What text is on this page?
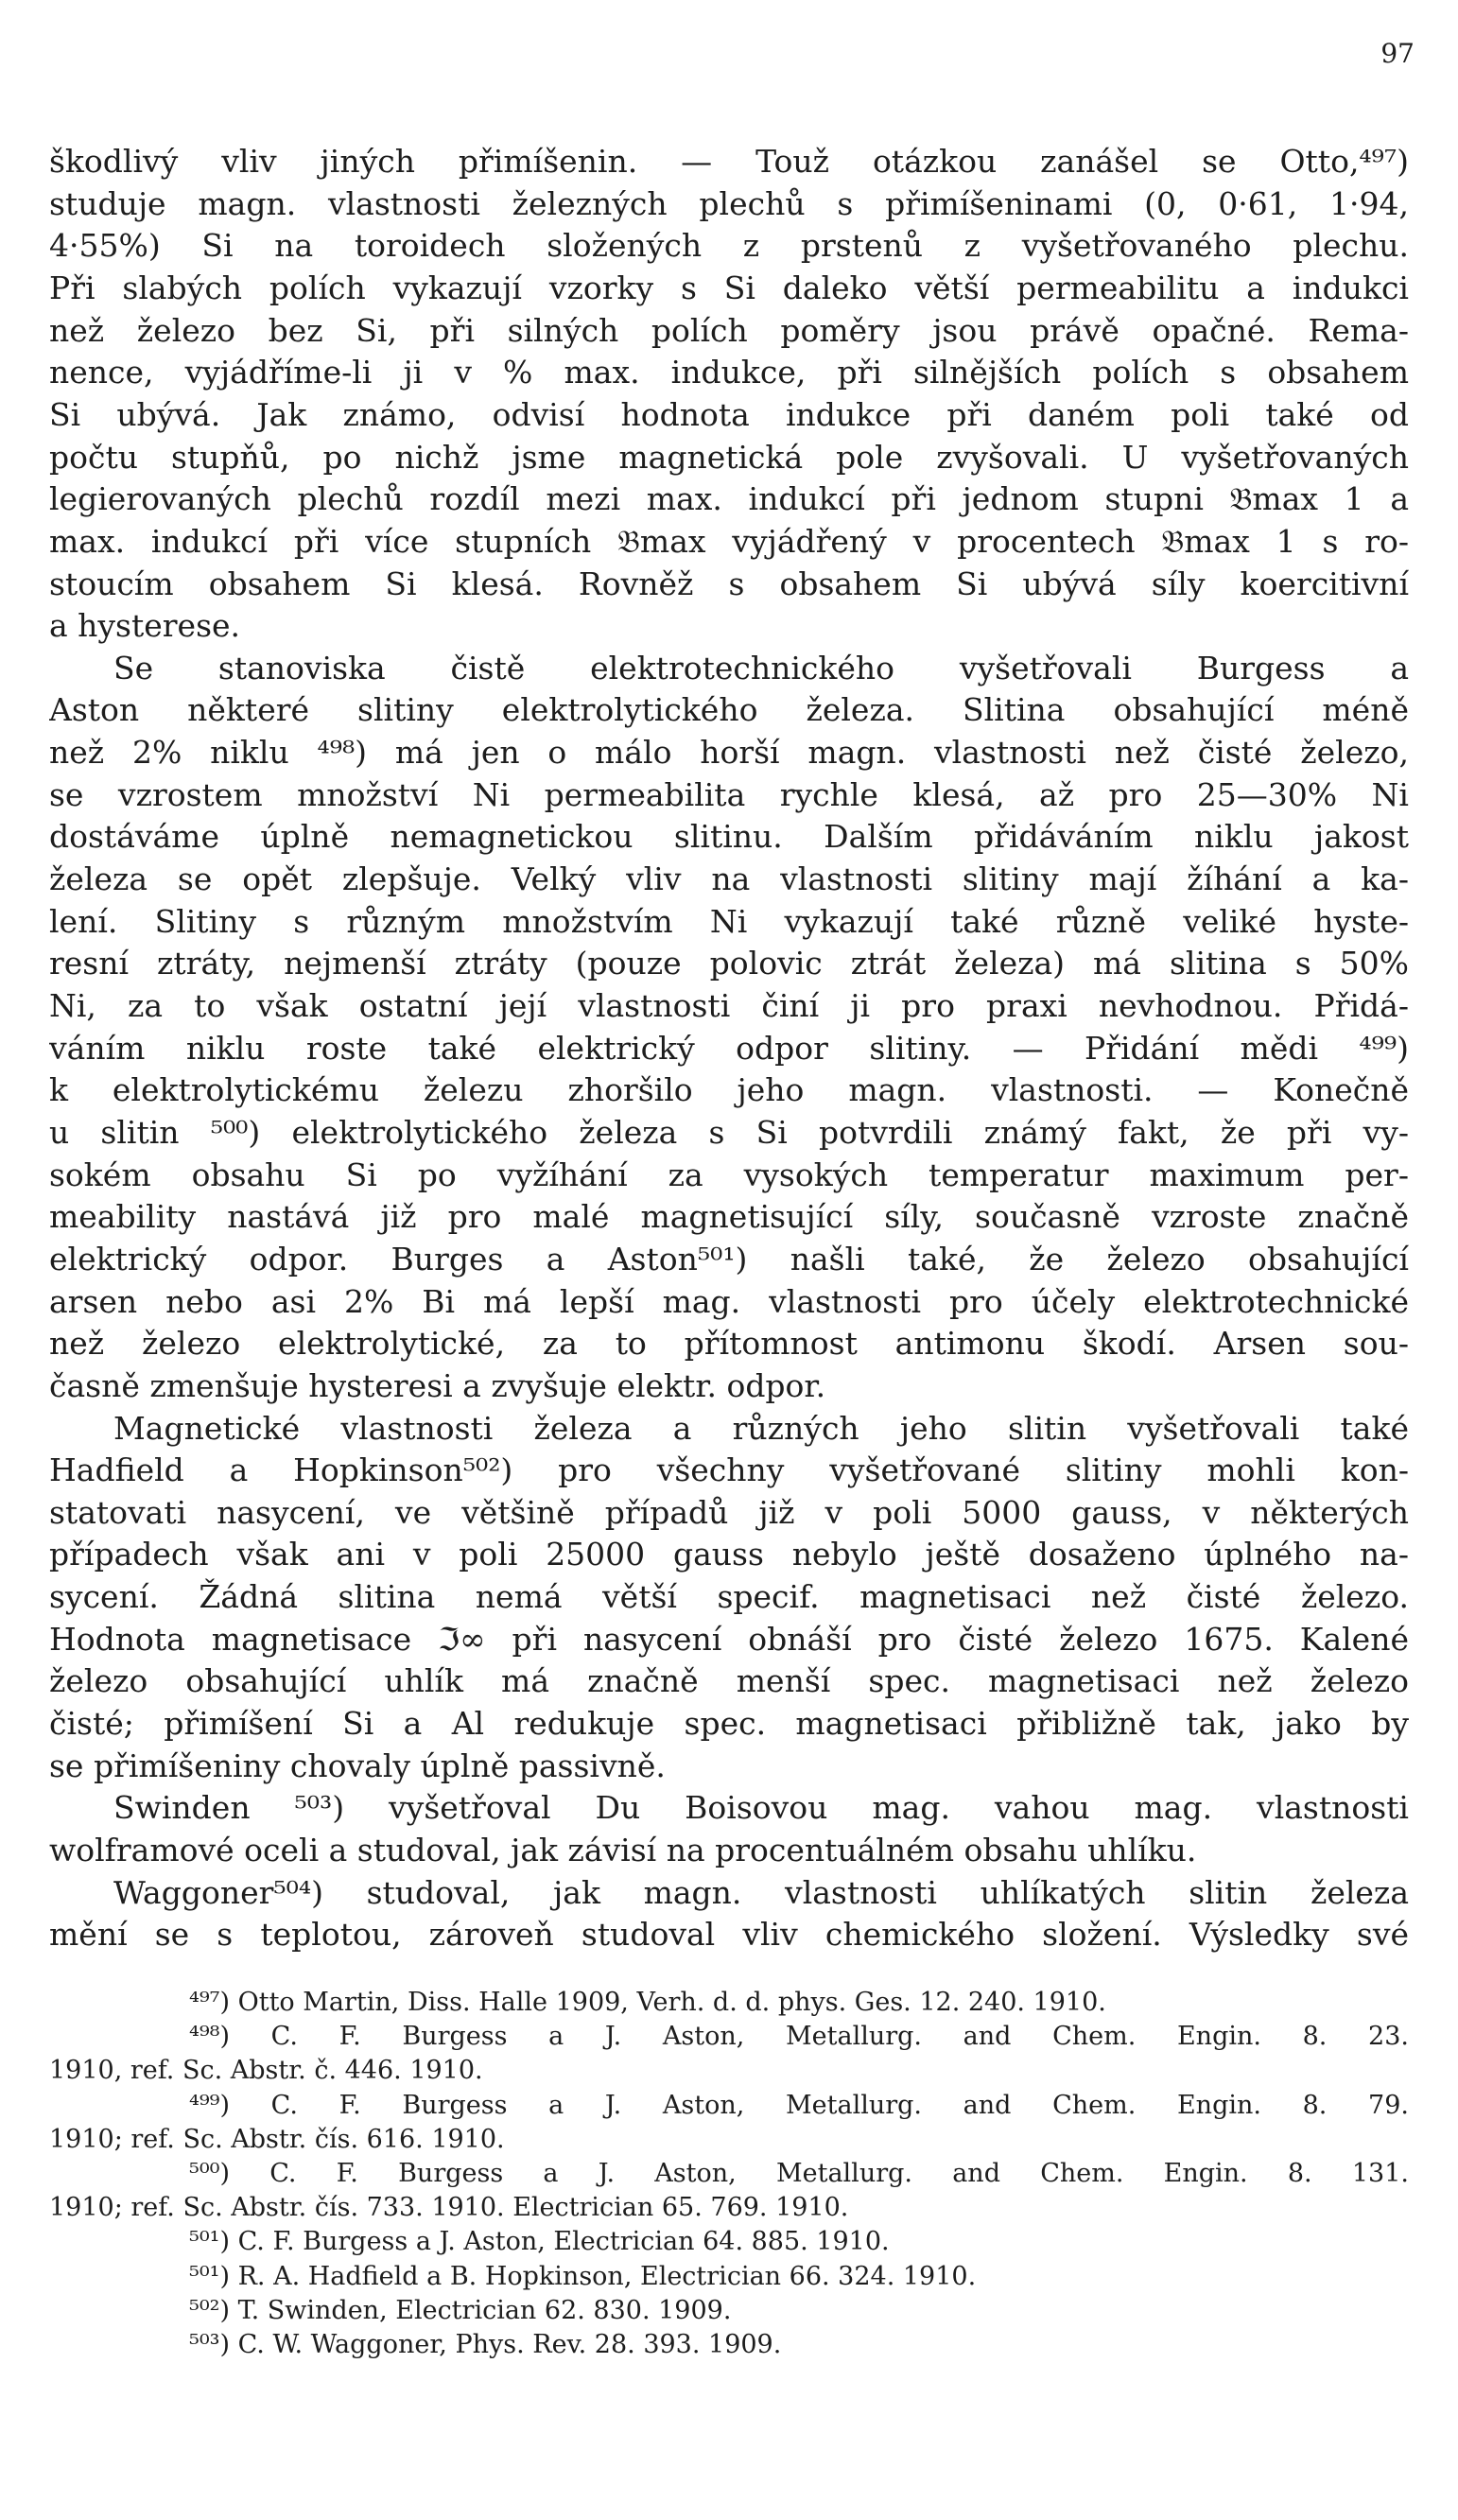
97
škodlivý vliv jiných přimíšenin. — Touž otázkou zanášel se Otto,⁴⁹⁷)
studuje magn. vlastnosti železných plechů s přimíšeninami (0, 0·61, 1·94,
4·55%) Si na toroidech složených z prstenů z vyšetřovaného plechu.
Při slabých polích vykazují vzorky s Si daleko větší permeabilitu a indukci
než železo bez Si, při silných polích poměry jsou právě opačné. Rema-
nence, vyjádříme-li ji v % max. indukce, při silnějších polích s obsahem
Si ubývá. Jak známo, odvisí hodnota indukce při daném poli také od
počtu stupňů, po nichž jsme magnetická pole zvyšovali. U vyšetřovaných
legierovaných plechů rozdíl mezi max. indukcí při jednom stupni 𝔅max 1 a
max. indukcí při více stupních 𝔅max vyjádřený v procentech 𝔅max 1 s ro-
stoucím obsahem Si klesá. Rovněž s obsahem Si ubývá síly koercitivní
a hysterese.
Se stanoviska čistě elektrotechnického vyšetřovali Burgess a
Aston některé slitiny elektrolytického železa. Slitina obsahující méně
než 2% niklu ⁴⁹⁸) má jen o málo horší magn. vlastnosti než čisté železo,
se vzrostem množství Ni permeabilita rychle klesá, až pro 25—30% Ni
dostáváme úplně nemagnetickou slitinu. Dalším přidáváním niklu jakost
železa se opět zlepšuje. Velký vliv na vlastnosti slitiny mají žíhání a ka-
lení. Slitiny s různým množstvím Ni vykazují také různě veliké hyste-
resní ztráty, nejmenší ztráty (pouze polovic ztrát železa) má slitina s 50%
Ni, za to však ostatní její vlastnosti činí ji pro praxi nevhodnou. Přidá-
váním niklu roste také elektrický odpor slitiny. — Přidání mědi ⁴⁹⁹)
k elektrolytickému železu zhoršilo jeho magn. vlastnosti. — Konečně
u slitin ⁵⁰⁰) elektrolytického železa s Si potvrdili známý fakt, že při vy-
sokém obsahu Si po vyžíhání za vysokých temperatur maximum per-
meability nastává již pro malé magnetisující síly, současně vzroste značně
elektrický odpor. Burges a Aston⁵⁰¹) našli také, že železo obsahující
arsen nebo asi 2% Bi má lepší mag. vlastnosti pro účely elektrotechnické
než železo elektrolytické, za to přítomnost antimonu škodí. Arsen sou-
časně zmenšuje hysteresi a zvyšuje elektr. odpor.
Magnetické vlastnosti železa a různých jeho slitin vyšetřovali také
Hadfield a Hopkinson⁵⁰²) pro všechny vyšetřované slitiny mohli kon-
statovati nasycení, ve většině případů již v poli 5000 gauss, v některých
případech však ani v poli 25000 gauss nebylo ještě dosaženo úplného na-
sycení. Žádná slitina nemá větší specif. magnetisaci než čisté železo.
Hodnota magnetisace ℑ∞ při nasycení obnáší pro čisté železo 1675. Kalené
železo obsahující uhlík má značně menší spec. magnetisaci než železo
čisté; přimíšení Si a Al redukuje spec. magnetisaci přibližně tak, jako by
se přimíšeniny chovaly úplně passivně.
Swinden ⁵⁰³) vyšetřoval Du Boisovou mag. vahou mag. vlastnosti
wolframové oceli a studoval, jak závisí na procentuálném obsahu uhlíku.
Waggoner⁵⁰⁴) studoval, jak magn. vlastnosti uhlíkatých slitin železa
mění se s teplotou, zároveň studoval vliv chemického složení. Výsledky své
⁴⁹⁷) Otto Martin, Diss. Halle 1909, Verh. d. d. phys. Ges. 12. 240. 1910.
⁴⁹⁸) C. F. Burgess a J. Aston, Metallurg. and Chem. Engin. 8. 23.
1910, ref. Sc. Abstr. č. 446. 1910.
⁴⁹⁹) C. F. Burgess a J. Aston, Metallurg. and Chem. Engin. 8. 79.
1910; ref. Sc. Abstr. čís. 616. 1910.
⁵⁰⁰) C. F. Burgess a J. Aston, Metallurg. and Chem. Engin. 8. 131.
1910; ref. Sc. Abstr. čís. 733. 1910. Electrician 65. 769. 1910.
⁵⁰¹) C. F. Burgess a J. Aston, Electrician 64. 885. 1910.
⁵⁰¹) R. A. Hadfield a B. Hopkinson, Electrician 66. 324. 1910.
⁵⁰²) T. Swinden, Electrician 62. 830. 1909.
⁵⁰³) C. W. Waggoner, Phys. Rev. 28. 393. 1909.
